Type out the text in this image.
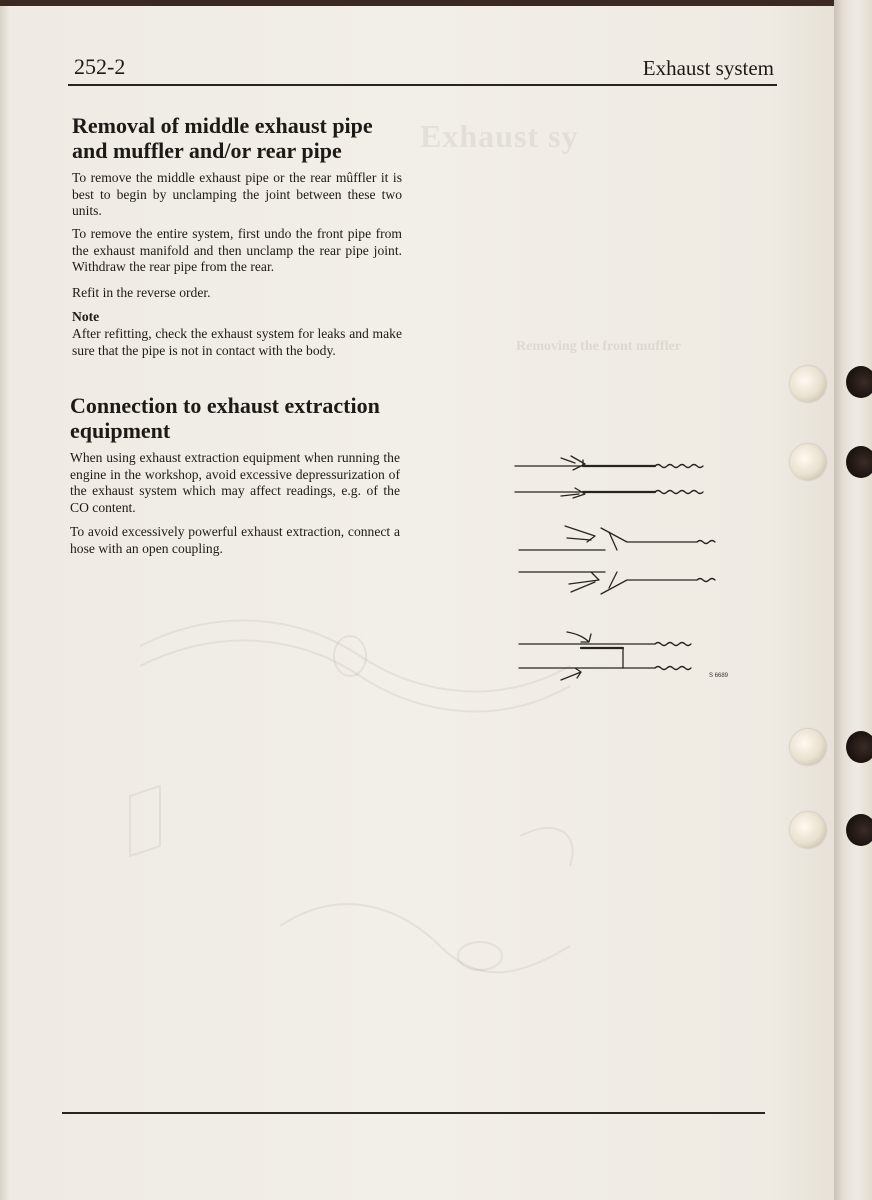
Exhaust sy
Removing the front muffler
252-2	Exhaust system
Removal of middle exhaust pipe and muffler and/or rear pipe

To remove the middle exhaust pipe or the rear mûffler it is best to begin by unclamping the joint between these two units.

To remove the entire system, first undo the front pipe from the exhaust manifold and then unclamp the rear pipe joint. Withdraw the rear pipe from the rear.

Refit in the reverse order.

Note

After refitting, check the exhaust system for leaks and make sure that the pipe is not in contact with the body.

Connection to exhaust extraction equipment

When using exhaust extraction equipment when running the engine in the workshop, avoid excessive depressurization of the exhaust system which may affect readings, e.g. of the CO content.

To avoid excessively powerful exhaust extraction, connect a hose with an open coupling.

S 6689
